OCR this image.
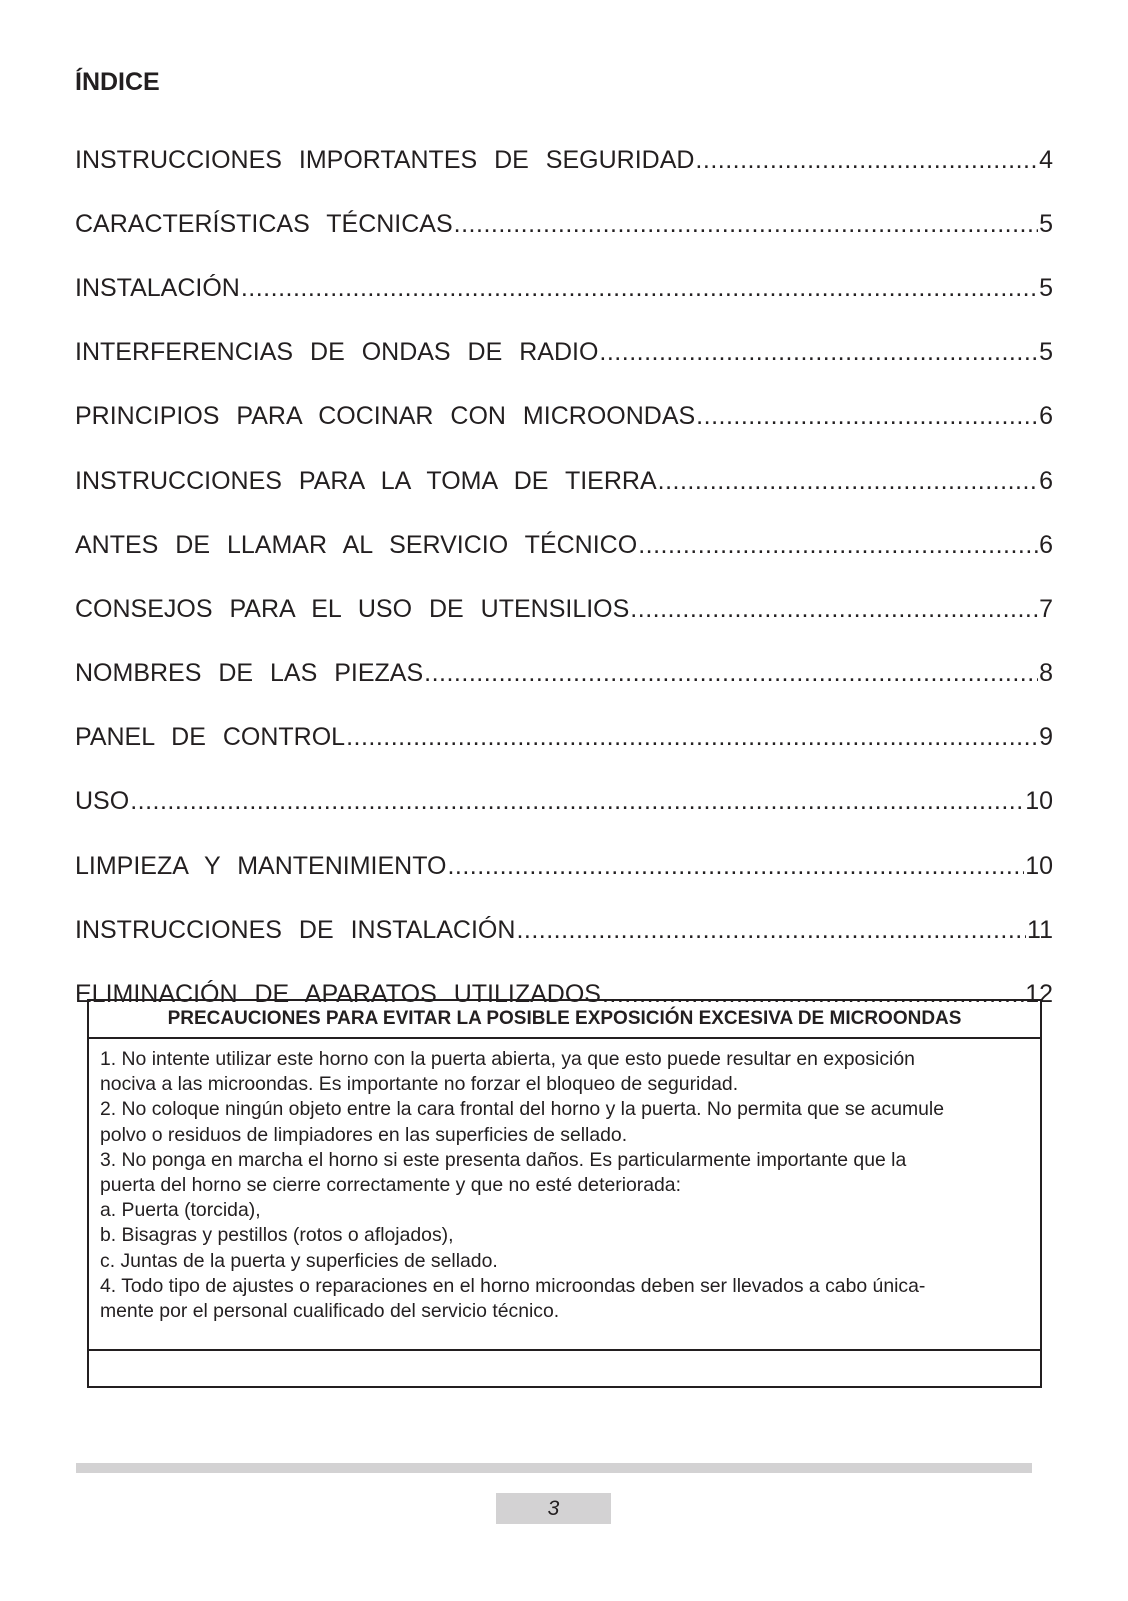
ÍNDICE
INSTRUCCIONES IMPORTANTES DE SEGURIDAD .....	4
CARACTERÍSTICAS TÉCNICAS .....	5
INSTALACIÓN .....	5
INTERFERENCIAS DE ONDAS DE RADIO .....	5
PRINCIPIOS PARA COCINAR CON MICROONDAS .....	6
INSTRUCCIONES PARA LA TOMA DE TIERRA .....	6
ANTES DE LLAMAR AL SERVICIO TÉCNICO .....	6
CONSEJOS PARA EL USO DE UTENSILIOS .....	7
NOMBRES DE LAS PIEZAS .....	8
PANEL DE CONTROL .....	9
USO .....	10
LIMPIEZA Y MANTENIMIENTO .....	10
INSTRUCCIONES DE INSTALACIÓN .....	11
ELIMINACIÓN DE APARATOS UTILIZADOS .....	12
PRECAUCIONES PARA EVITAR LA POSIBLE EXPOSICIÓN EXCESIVA DE MICROONDAS

1. No intente utilizar este horno con la puerta abierta, ya que esto puede resultar en exposición

nociva a las microondas. Es importante no forzar el bloqueo de seguridad.

2. No coloque ningún objeto entre la cara frontal del horno y la puerta. No permita que se acumule

polvo o residuos de limpiadores en las superficies de sellado.

3. No ponga en marcha el horno si este presenta daños. Es particularmente importante que la

puerta del horno se cierre correctamente y que no esté deteriorada:

a. Puerta (torcida),

b. Bisagras y pestillos (rotos o aflojados),

c. Juntas de la puerta y superficies de sellado.

4. Todo tipo de ajustes o reparaciones en el horno microondas deben ser llevados a cabo única-

mente por el personal cualificado del servicio técnico.

3
